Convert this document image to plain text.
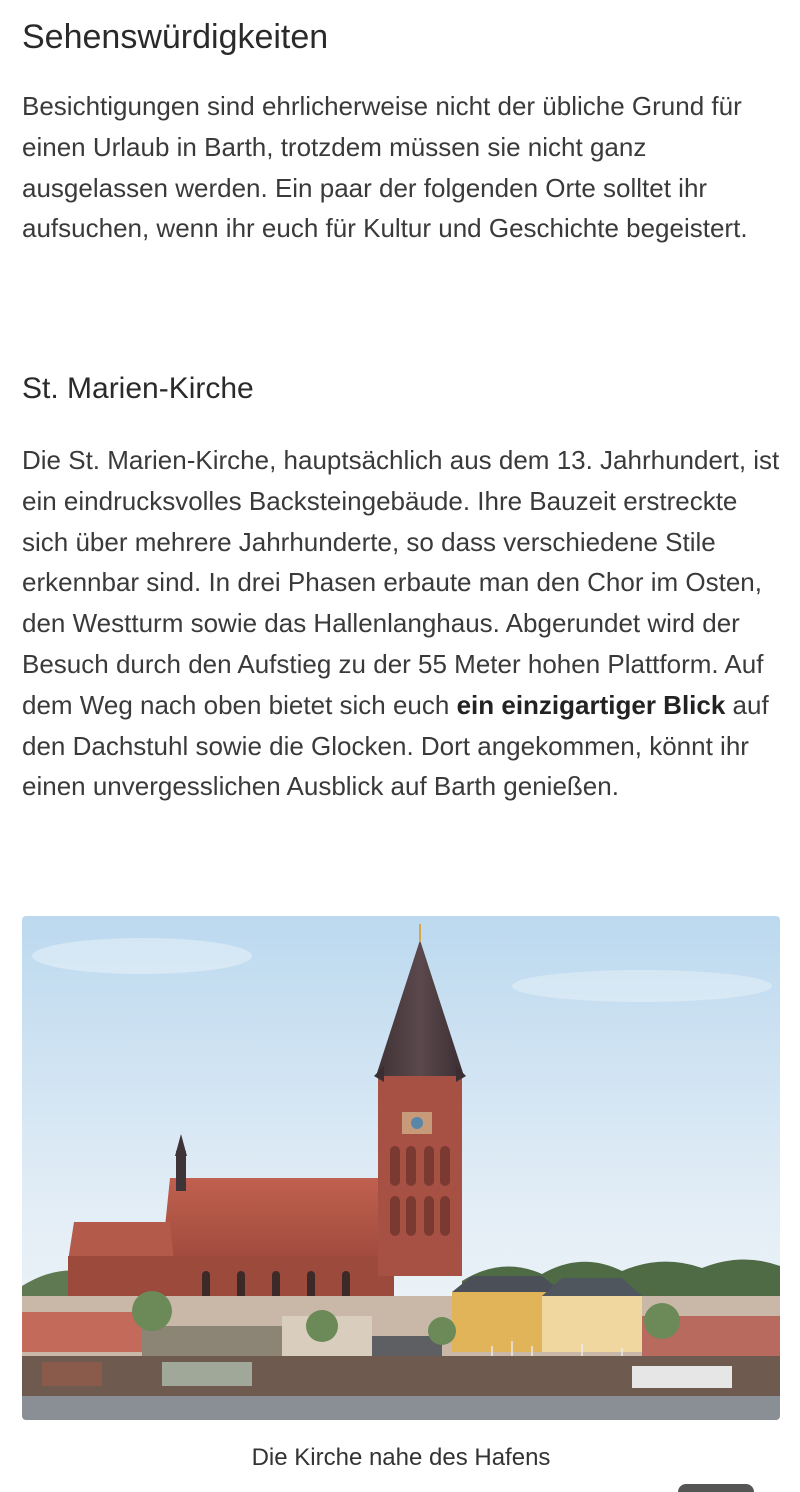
Sehenswürdigkeiten

Besichtigungen sind ehrlicherweise nicht der übliche Grund für einen Urlaub in Barth, trotzdem müssen sie nicht ganz ausgelassen werden. Ein paar der folgenden Orte solltet ihr aufsuchen, wenn ihr euch für Kultur und Geschichte begeistert.

St. Marien-Kirche

Die St. Marien-Kirche, hauptsächlich aus dem 13. Jahrhundert, ist ein eindrucksvolles Backsteingebäude. Ihre Bauzeit erstreckte sich über mehrere Jahrhunderte, so dass verschiedene Stile erkennbar sind. In drei Phasen erbaute man den Chor im Osten, den Westturm sowie das Hallenlanghaus. Abgerundet wird der Besuch durch den Aufstieg zu der 55 Meter hohen Plattform. Auf dem Weg nach oben bietet sich euch ein einzigartiger Blick auf den Dachstuhl sowie die Glocken. Dort angekommen, könnt ihr einen unvergesslichen Ausblick auf Barth genießen.

Die Kirche nahe des Hafens
